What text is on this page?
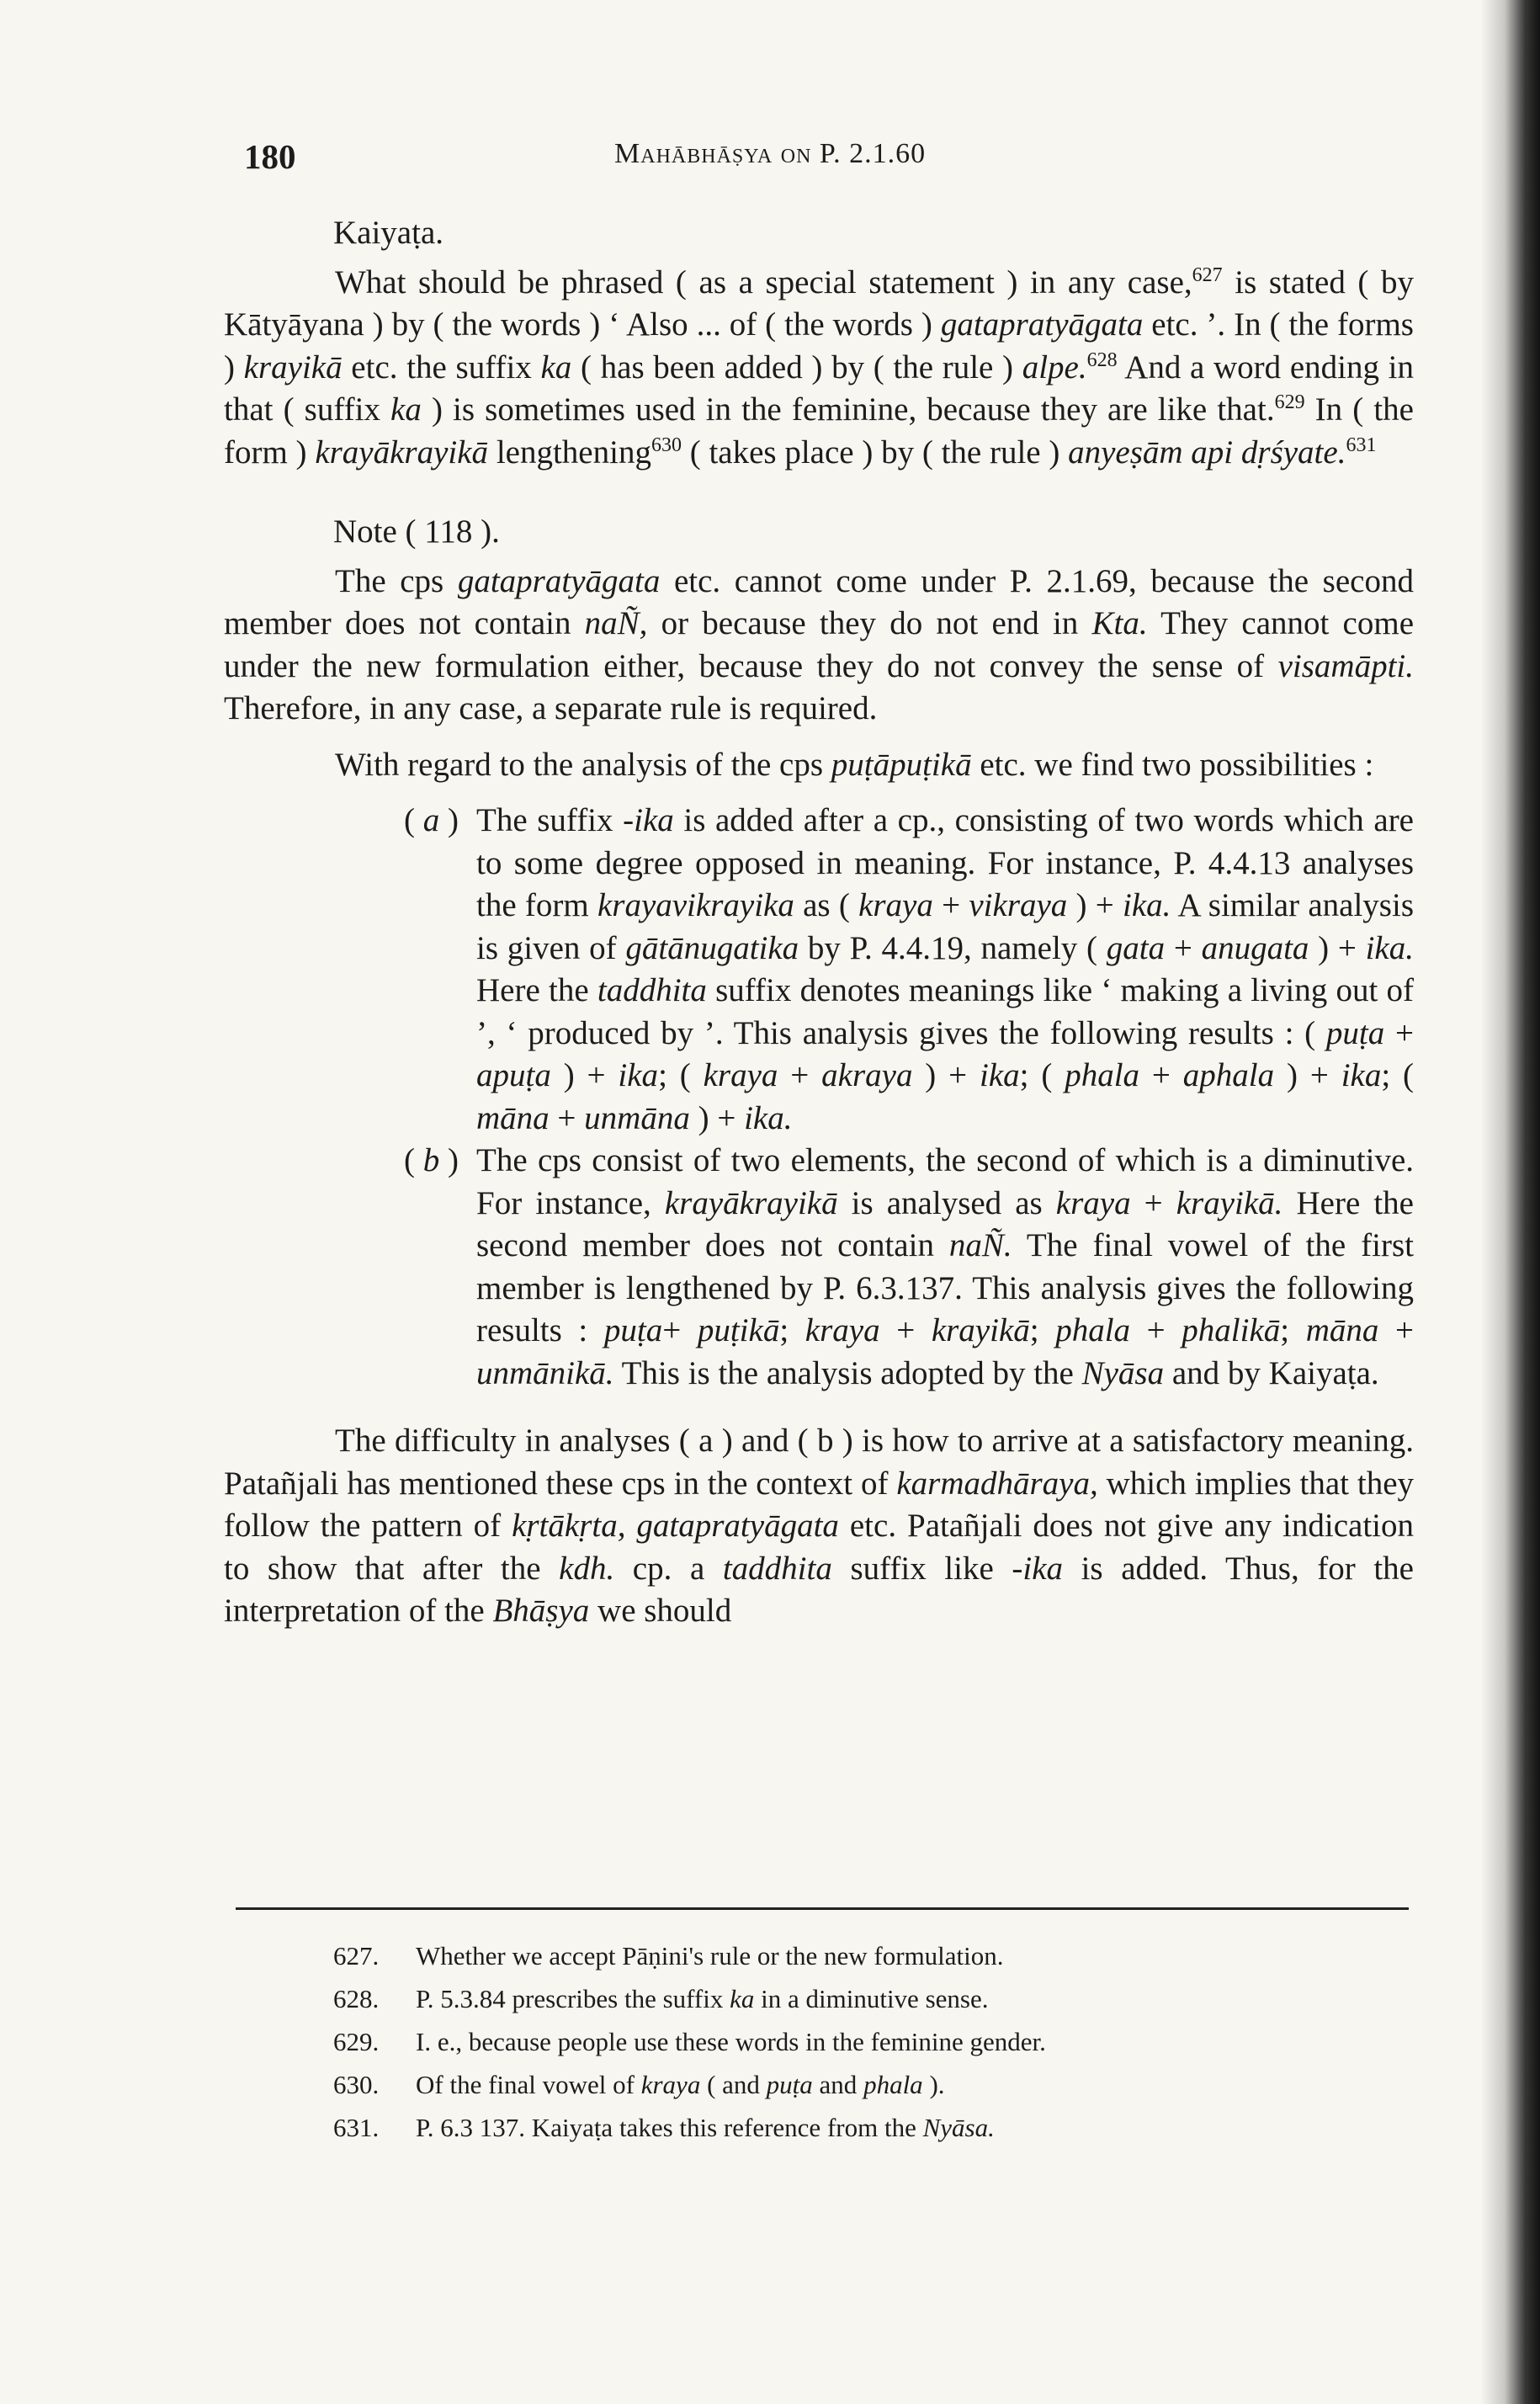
180	Mahābhāṣya on P. 2.1.60
Kaiyaṭa.

What should be phrased ( as a special statement ) in any case,$^{627}$ is stated ( by Kātyāyana ) by ( the words ) ‘ Also ... of ( the words ) gatapratyāgata etc. ’. In ( the forms ) krayikā etc. the suffix ka ( has been added ) by ( the rule ) alpe.$^{628}$ And a word ending in that ( suffix ka ) is sometimes used in the feminine, because they are like that.$^{629}$ In ( the form ) krayākrayikā lengthening$^{630}$ ( takes place ) by ( the rule ) anyeṣām api dṛśyate.$^{631}$

Note ( 118 ).

The cps gatapratyāgata etc. cannot come under P. 2.1.69, because the second member does not contain naÑ, or because they do not end in Kta. They cannot come under the new formulation either, because they do not convey the sense of visamāpti. Therefore, in any case, a separate rule is required.

With regard to the analysis of the cps puṭāpuṭikā etc. we find two possibilities :

( a ) The suffix -ika is added after a cp., consisting of two words which are to some degree opposed in meaning. For instance, P. 4.4.13 analyses the form krayavikrayika as ( kraya + vikraya ) + ika. A similar analysis is given of gātānugatika by P. 4.4.19, namely ( gata + anugata ) + ika. Here the taddhita suffix denotes meanings like ‘ making a living out of ’, ‘ produced by ’. This analysis gives the following results : ( puṭa + apuṭa ) + ika; ( kraya + akraya ) + ika; ( phala + aphala ) + ika; ( māna + unmāna ) + ika.
( b ) The cps consist of two elements, the second of which is a diminutive. For instance, krayākrayikā is analysed as kraya + krayikā. Here the second member does not contain naÑ. The final vowel of the first member is lengthened by P. 6.3.137. This analysis gives the following results : puṭa+ puṭikā; kraya + krayikā; phala + phalikā; māna + unmānikā. This is the analysis adopted by the Nyāsa and by Kaiyaṭa.

The difficulty in analyses ( a ) and ( b ) is how to arrive at a satisfactory meaning. Patañjali has mentioned these cps in the context of karmadhāraya, which implies that they follow the pattern of kṛtākṛta, gatapratyāgata etc. Patañjali does not give any indication to show that after the kdh. cp. a taddhita suffix like -ika is added. Thus, for the interpretation of the Bhāṣya we should

627.	Whether we accept Pāṇini's rule or the new formulation.
628.	P. 5.3.84 prescribes the suffix ka in a diminutive sense.
629.	I. e., because people use these words in the feminine gender.
630.	Of the final vowel of kraya ( and puṭa and phala ).
631.	P. 6.3 137. Kaiyaṭa takes this reference from the Nyāsa.
